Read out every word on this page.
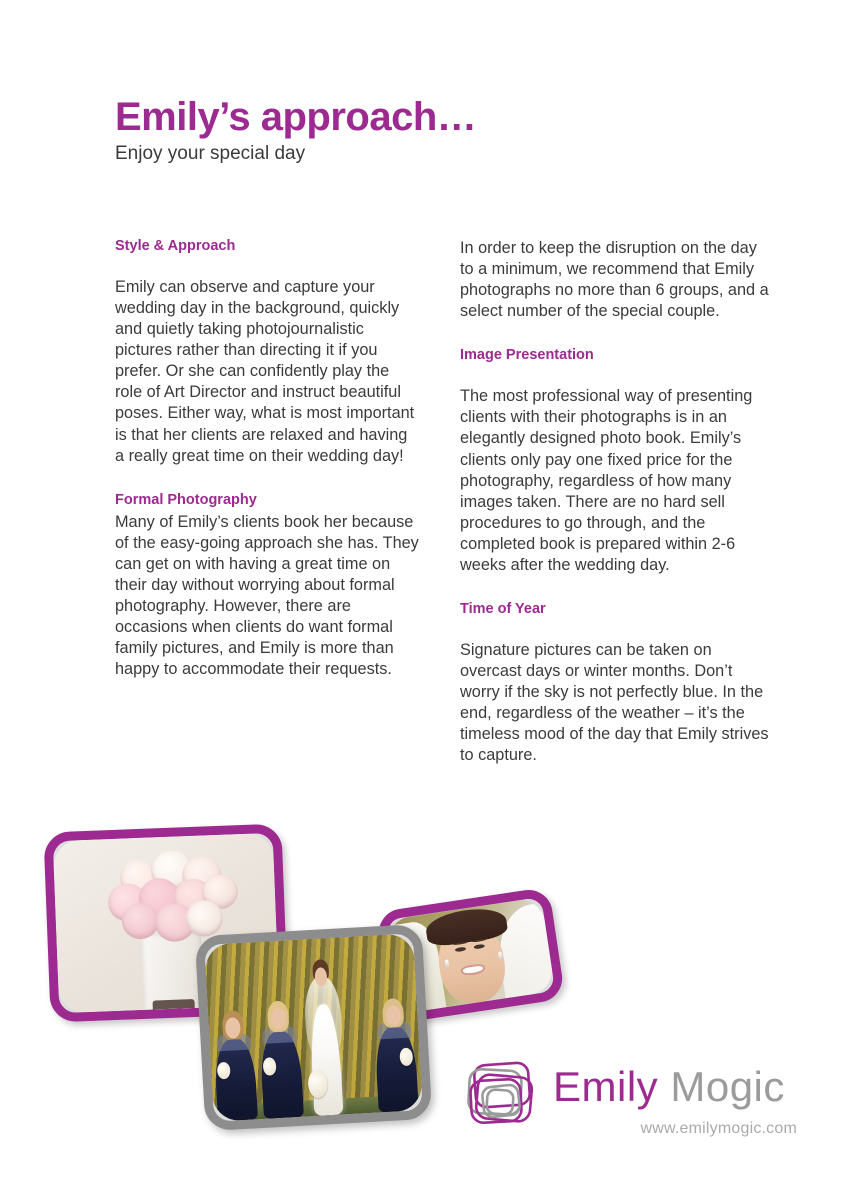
Emily’s approach…
Enjoy your special day
Style & Approach
Emily can observe and capture your wedding day in the background, quickly and quietly taking photojournalistic pictures rather than directing it if you prefer. Or she can confidently play the role of Art Director and instruct beautiful poses. Either way, what is most important is that her clients are relaxed and having a really great time on their wedding day!
Formal Photography
Many of Emily’s clients book her because of the easy-going approach she has. They can get on with having a great time on their day without worrying about formal photography. However, there are occasions when clients do want formal family pictures, and Emily is more than happy to accommodate their requests.
In order to keep the disruption on the day to a minimum, we recommend that Emily photographs no more than 6 groups, and a select number of the special couple.
Image Presentation
The most professional way of presenting clients with their photographs is in an elegantly designed photo book. Emily’s clients only pay one fixed price for the photography, regardless of how many images taken. There are no hard sell procedures to go through, and the completed book is prepared within 2-6 weeks after the wedding day.
Time of Year
Signature pictures can be taken on overcast days or winter months. Don’t worry if the sky is not perfectly blue. In the end, regardless of the weather – it’s the timeless mood of the day that Emily strives to capture.
Emily Mogic
www.emilymogic.com
